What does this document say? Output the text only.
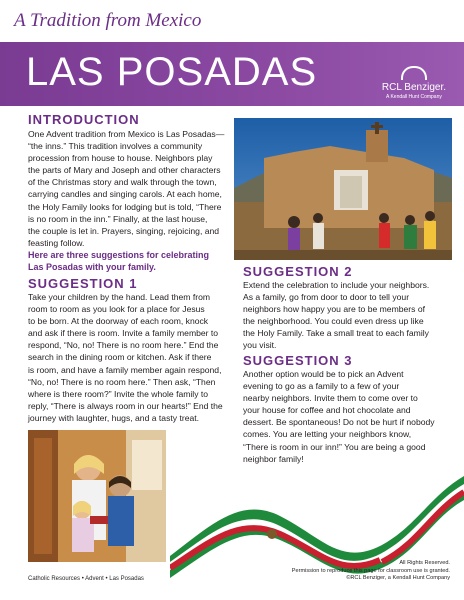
A Tradition from Mexico
LAS POSADAS	RCL Benziger.
A Kendall Hunt Company
INTRODUCTION
One Advent tradition from Mexico is Las Posadas—
“the inns.” This tradition involves a community
procession from house to house. Neighbors play
the parts of Mary and Joseph and other characters
of the Christmas story and walk through the town,
carrying candles and singing carols. At each home,
the Holy Family looks for lodging but is told, “There
is no room in the inn.” Finally, at the last house,
the couple is let in. Prayers, singing, rejoicing, and
feasting follow.
Here are three suggestions for celebrating
Las Posadas with your family.
SUGGESTION 1
Take your children by the hand. Lead them from
room to room as you look for a place for Jesus
to be born. At the doorway of each room, knock
and ask if there is room. Invite a family member to
respond, “No, no! There is no room here.” End the
search in the dining room or kitchen. Ask if there
is room, and have a family member again respond,
“No, no! There is no room here.” Then ask, “Then
where is there room?” Invite the whole family to
reply, “There is always room in our hearts!” End the
journey with laughter, hugs, and a tasty treat.
SUGGESTION 2
Extend the celebration to include your neighbors.
As a family, go from door to door to tell your
neighbors how happy you are to be members of
the neighborhood. You could even dress up like
the Holy Family. Take a small treat to each family
you visit.
SUGGESTION 3
Another option would be to pick an Advent
evening to go as a family to a few of your
nearby neighbors. Invite them to come over to
your house for coffee and hot chocolate and
dessert. Be spontaneous! Do not be hurt if nobody
comes. You are letting your neighbors know,
“There is room in our inn!” You are being a good
neighbor family!
Catholic Resources • Advent • Las Posadas
All Rights Reserved.
Permission to reproduce this page for classroom use is granted.
©RCL Benziger, a Kendall Hunt Company
